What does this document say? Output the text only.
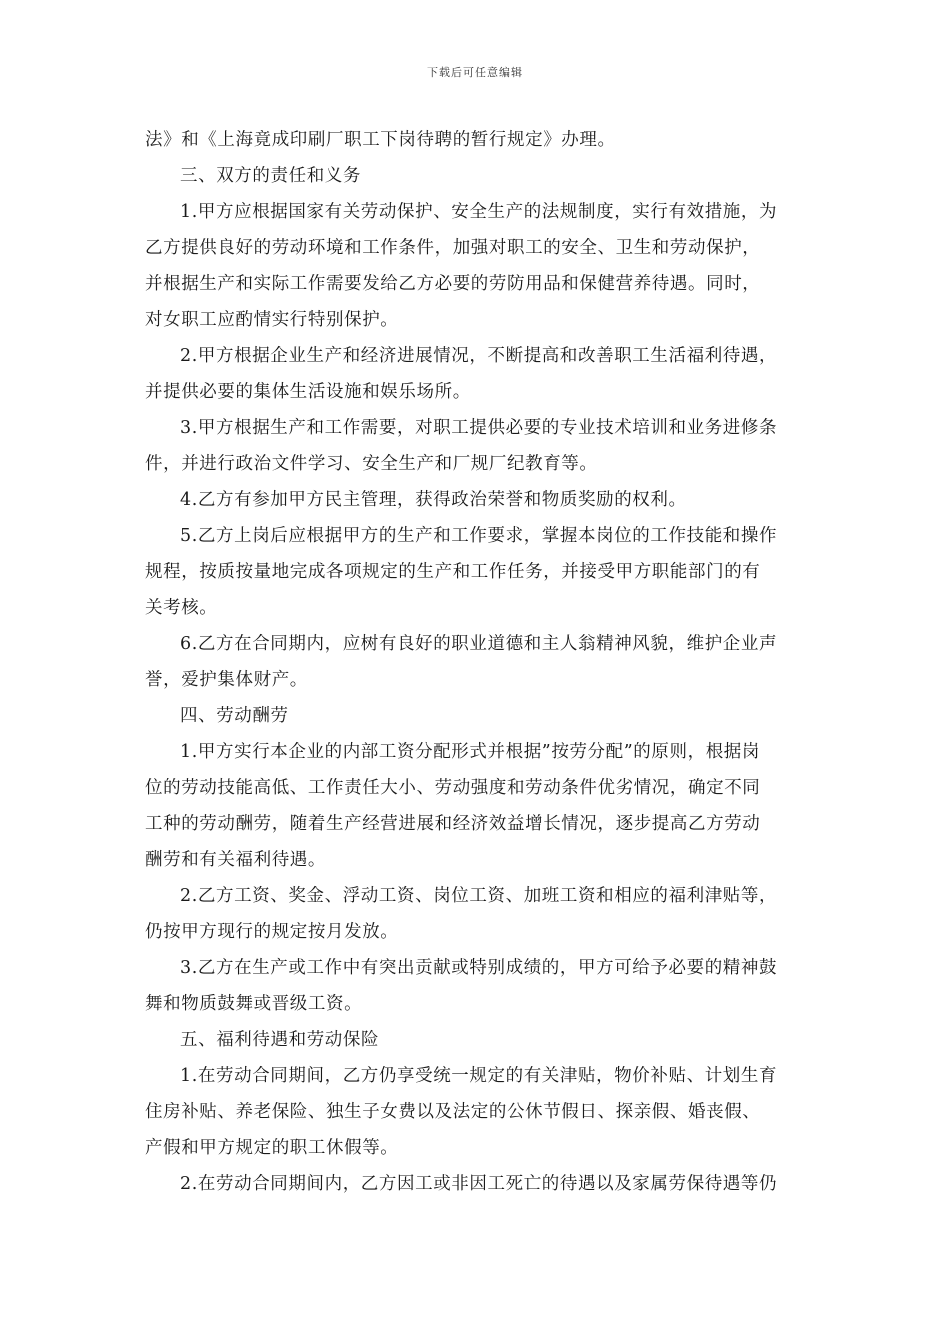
下载后可任意编辑
法》和《上海竟成印刷厂职工下岗待聘的暂行规定》办理。
三、双方的责任和义务
1.甲方应根据国家有关劳动保护、安全生产的法规制度，实行有效措施，为
乙方提供良好的劳动环境和工作条件，加强对职工的安全、卫生和劳动保护，
并根据生产和实际工作需要发给乙方必要的劳防用品和保健营养待遇。同时，
对女职工应酌情实行特别保护。
2.甲方根据企业生产和经济进展情况，不断提高和改善职工生活福利待遇，
并提供必要的集体生活设施和娱乐场所。
3.甲方根据生产和工作需要，对职工提供必要的专业技术培训和业务进修条
件，并进行政治文件学习、安全生产和厂规厂纪教育等。
4.乙方有参加甲方民主管理，获得政治荣誉和物质奖励的权利。
5.乙方上岗后应根据甲方的生产和工作要求，掌握本岗位的工作技能和操作
规程，按质按量地完成各项规定的生产和工作任务，并接受甲方职能部门的有
关考核。
6.乙方在合同期内，应树有良好的职业道德和主人翁精神风貌，维护企业声
誉，爱护集体财产。
四、劳动酬劳
1.甲方实行本企业的内部工资分配形式并根据”按劳分配”的原则，根据岗
位的劳动技能高低、工作责任大小、劳动强度和劳动条件优劣情况，确定不同
工种的劳动酬劳，随着生产经营进展和经济效益增长情况，逐步提高乙方劳动
酬劳和有关福利待遇。
2.乙方工资、奖金、浮动工资、岗位工资、加班工资和相应的福利津贴等，
仍按甲方现行的规定按月发放。
3.乙方在生产或工作中有突出贡献或特别成绩的，甲方可给予必要的精神鼓
舞和物质鼓舞或晋级工资。
五、福利待遇和劳动保险
1.在劳动合同期间，乙方仍享受统一规定的有关津贴，物价补贴、计划生育
住房补贴、养老保险、独生子女费以及法定的公休节假日、探亲假、婚丧假、
产假和甲方规定的职工休假等。
2.在劳动合同期间内，乙方因工或非因工死亡的待遇以及家属劳保待遇等仍
